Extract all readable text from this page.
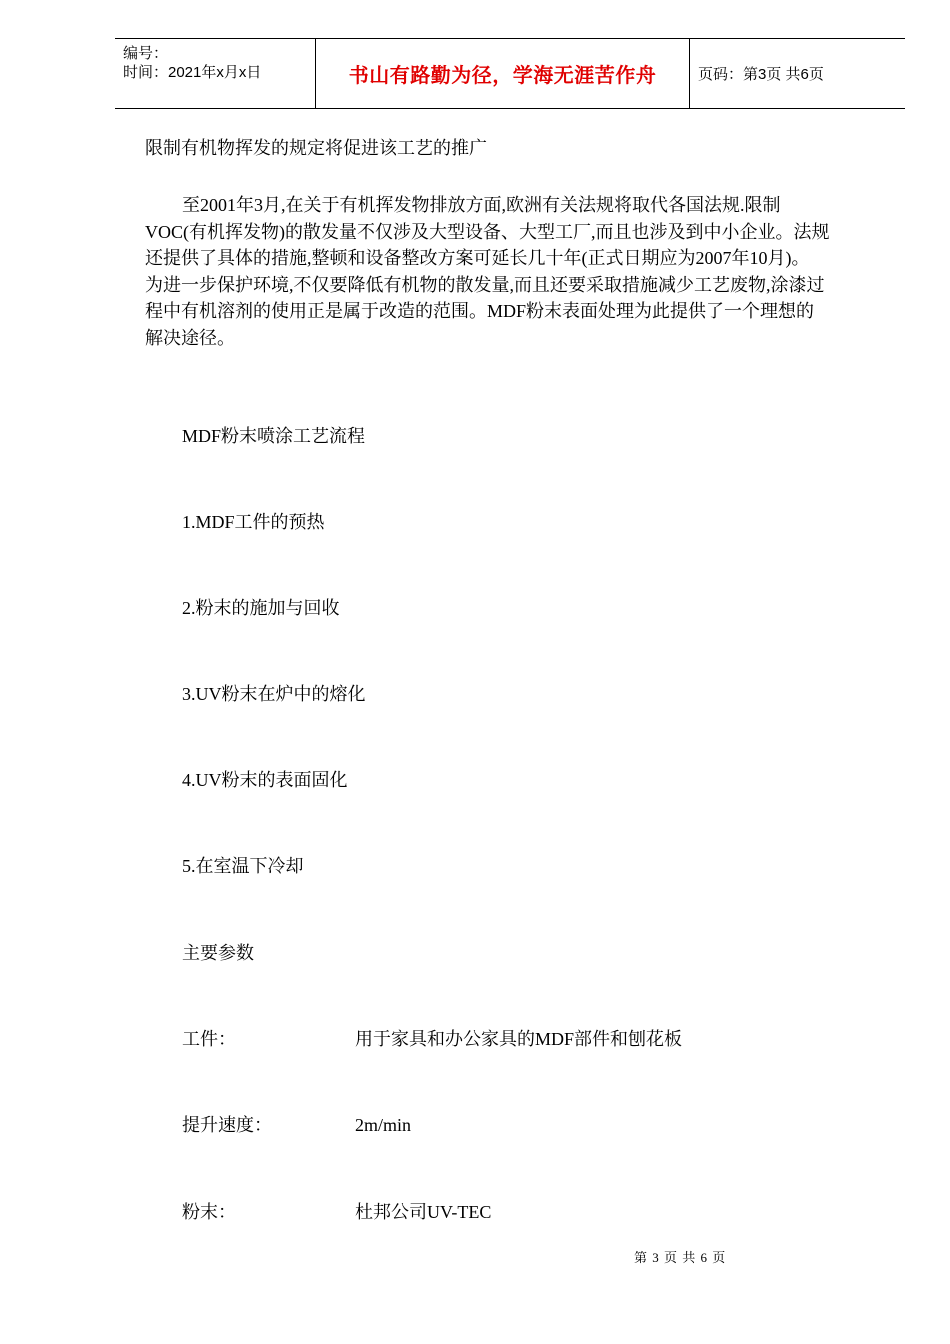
编号：
时间：2021年x月x日	书山有路勤为径，学海无涯苦作舟	页码：第3页 共6页
限制有机物挥发的规定将促进该工艺的推广
至2001年3月,在关于有机挥发物排放方面,欧洲有关法规将取代各国法规.限制
VOC(有机挥发物)的散发量不仅涉及大型设备、大型工厂,而且也涉及到中小企业。法规
还提供了具体的措施,整顿和设备整改方案可延长几十年(正式日期应为2007年10月)。
为进一步保护环境,不仅要降低有机物的散发量,而且还要采取措施减少工艺废物,涂漆过
程中有机溶剂的使用正是属于改造的范围。MDF粉末表面处理为此提供了一个理想的
解决途径。
MDF粉末喷涂工艺流程
1.MDF工件的预热
2.粉末的施加与回收
3.UV粉末在炉中的熔化
4.UV粉末的表面固化
5.在室温下冷却
主要参数
工件：	用于家具和办公家具的MDF部件和刨花板
提升速度：	2m/min
粉末：	杜邦公司UV-TEC
第 3 页 共 6 页
